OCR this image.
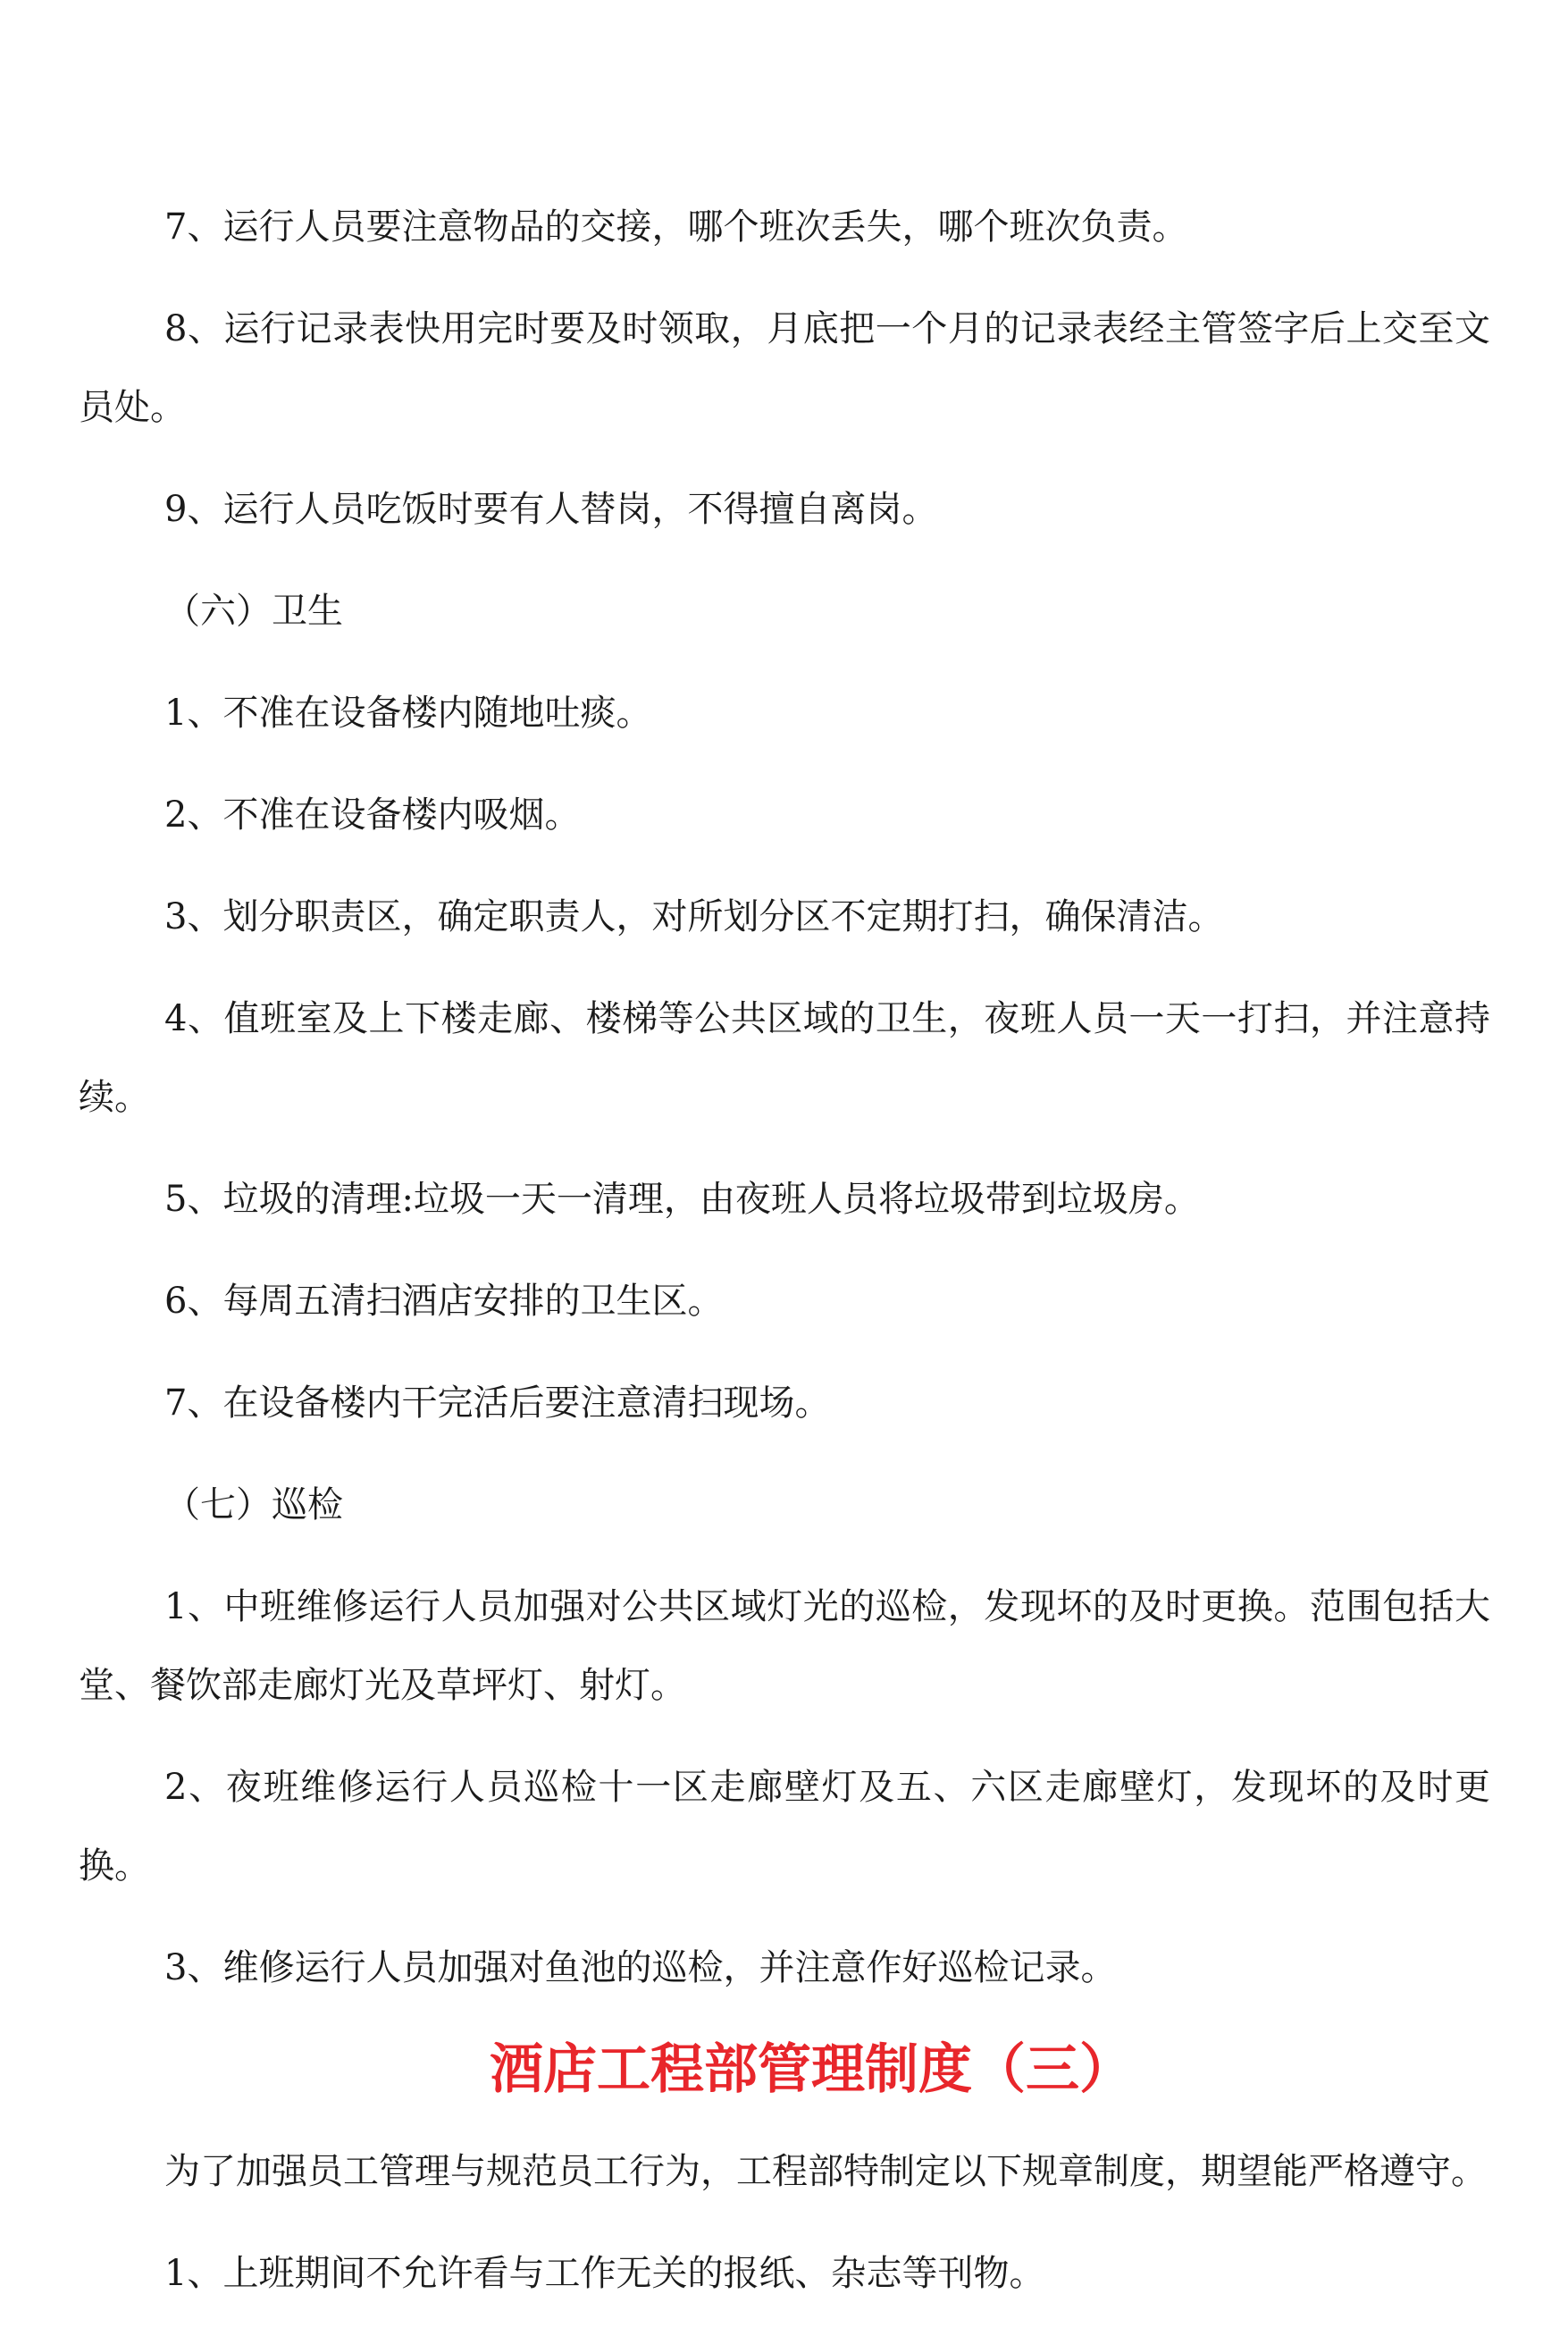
7、运行人员要注意物品的交接，哪个班次丢失，哪个班次负责。

8、运行记录表快用完时要及时领取，月底把一个月的记录表经主管签字后上交至文员处。

9、运行人员吃饭时要有人替岗，不得擅自离岗。

（六）卫生

1、不准在设备楼内随地吐痰。

2、不准在设备楼内吸烟。

3、划分职责区，确定职责人，对所划分区不定期打扫，确保清洁。

4、值班室及上下楼走廊、楼梯等公共区域的卫生，夜班人员一天一打扫，并注意持续。

5、垃圾的清理:垃圾一天一清理，由夜班人员将垃圾带到垃圾房。

6、每周五清扫酒店安排的卫生区。

7、在设备楼内干完活后要注意清扫现场。

（七）巡检

1、中班维修运行人员加强对公共区域灯光的巡检，发现坏的及时更换。范围包括大堂、餐饮部走廊灯光及草坪灯、射灯。

2、夜班维修运行人员巡检十一区走廊壁灯及五、六区走廊壁灯，发现坏的及时更换。

3、维修运行人员加强对鱼池的巡检，并注意作好巡检记录。

酒店工程部管理制度（三）

为了加强员工管理与规范员工行为，工程部特制定以下规章制度，期望能严格遵守。

1、上班期间不允许看与工作无关的报纸、杂志等刊物。
